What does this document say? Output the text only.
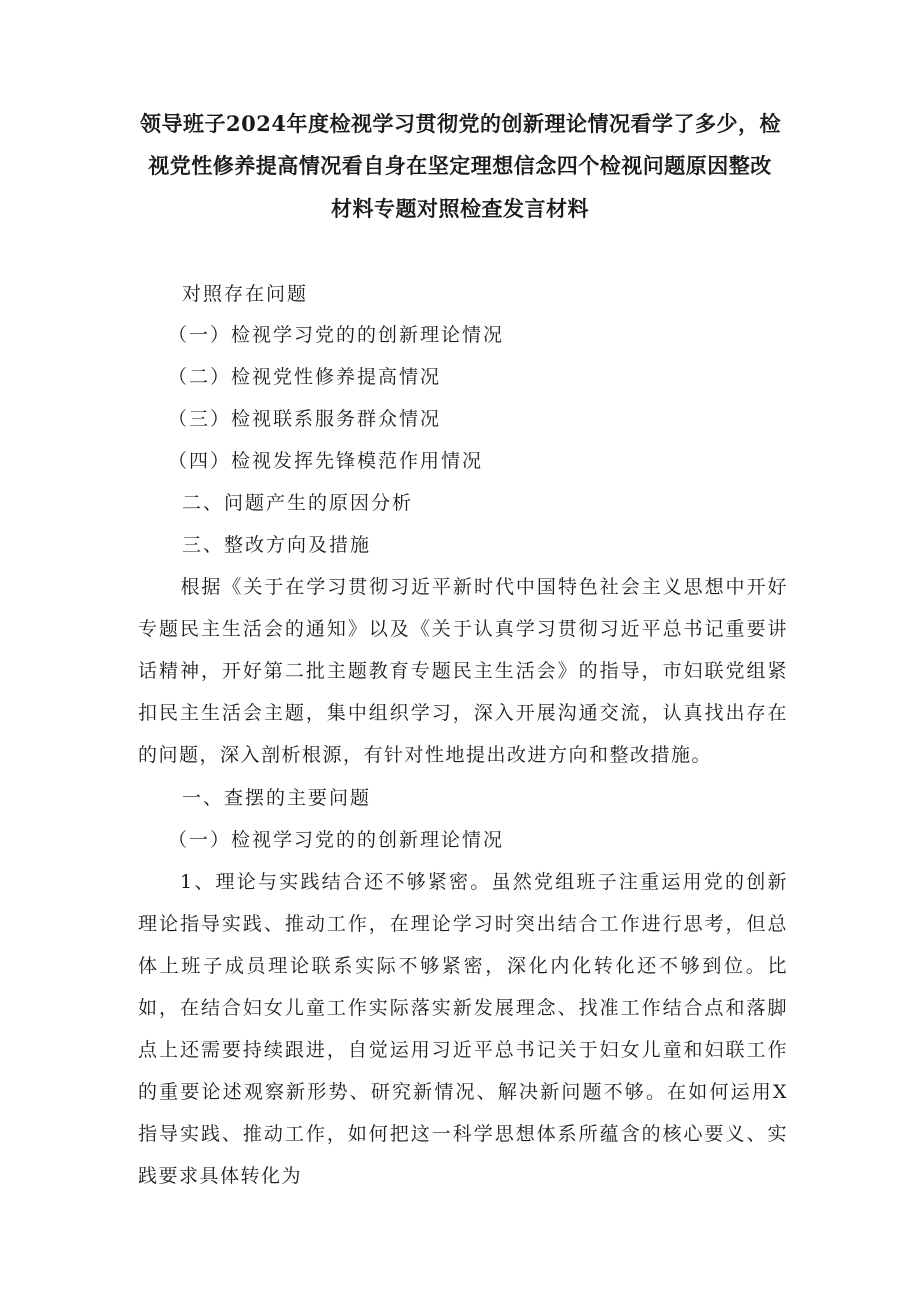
领导班子2024年度检视学习贯彻党的创新理论情况看学了多少，检
视党性修养提高情况看自身在坚定理想信念四个检视问题原因整改
材料专题对照检查发言材料
对照存在问题
（一）检视学习党的的创新理论情况
（二）检视党性修养提高情况
（三）检视联系服务群众情况
（四）检视发挥先锋模范作用情况
二、问题产生的原因分析
三、整改方向及措施
根据《关于在学习贯彻习近平新时代中国特色社会主义思想中开好专题民主生活会的通知》以及《关于认真学习贯彻习近平总书记重要讲话精神，开好第二批主题教育专题民主生活会》的指导，市妇联党组紧扣民主生活会主题，集中组织学习，深入开展沟通交流，认真找出存在的问题，深入剖析根源，有针对性地提出改进方向和整改措施。
一、查摆的主要问题
（一）检视学习党的的创新理论情况
1、理论与实践结合还不够紧密。虽然党组班子注重运用党的创新理论指导实践、推动工作，在理论学习时突出结合工作进行思考，但总体上班子成员理论联系实际不够紧密，深化内化转化还不够到位。比如，在结合妇女儿童工作实际落实新发展理念、找准工作结合点和落脚点上还需要持续跟进，自觉运用习近平总书记关于妇女儿童和妇联工作的重要论述观察新形势、研究新情况、解决新问题不够。在如何运用X指导实践、推动工作，如何把这一科学思想体系所蕴含的核心要义、实践要求具体转化为
